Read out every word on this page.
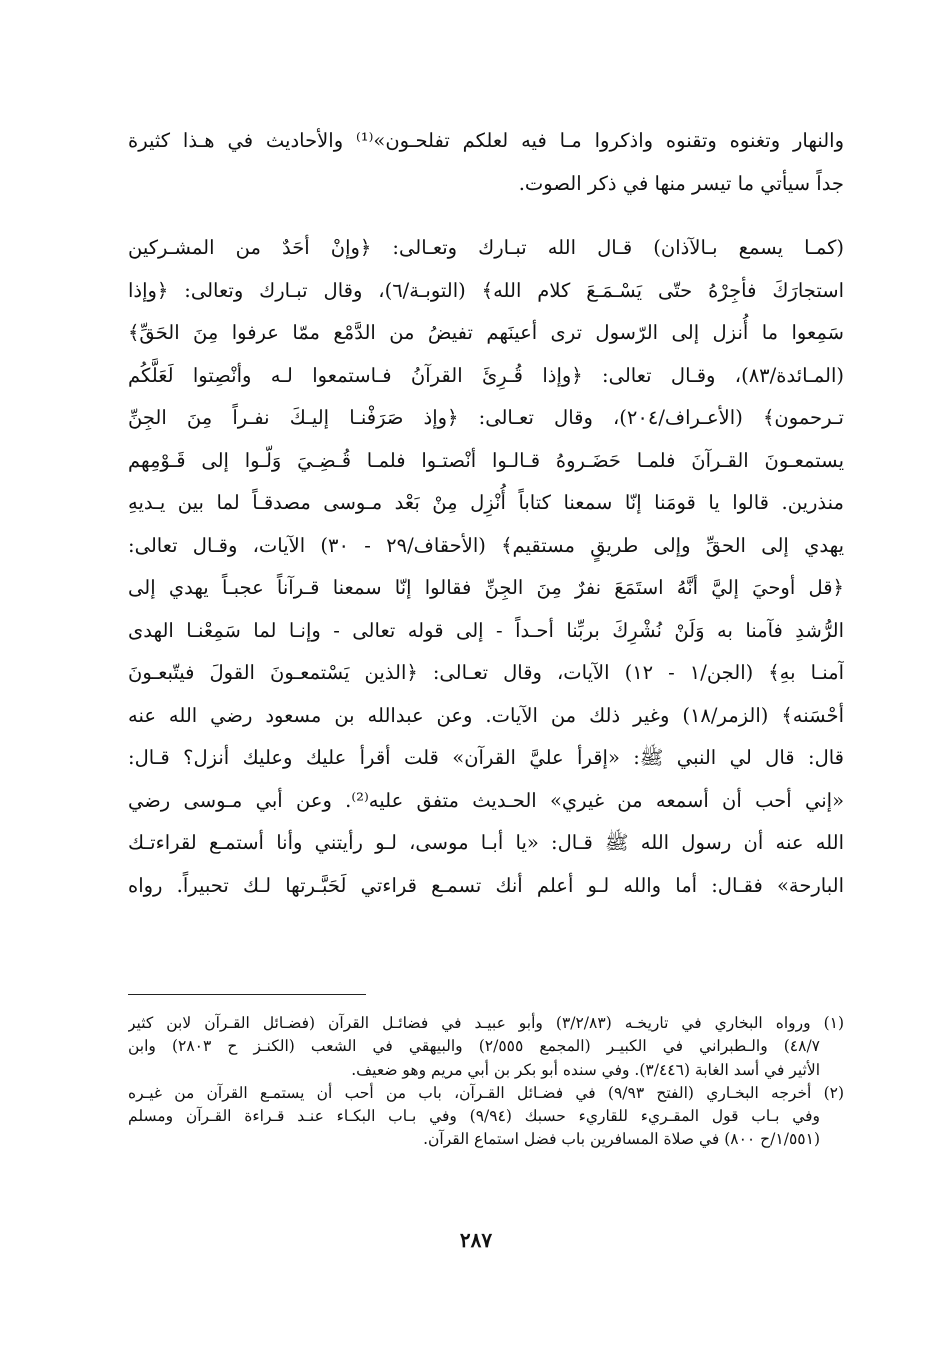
والنهار وتغنوه وتقنوه واذكروا مـا فيه لعلكم تفلحـون»⁽¹⁾ والأحاديث في هـذا كثيرة
جداً سيأتي ما تيسر منها في ذكر الصوت.
(كمـا يسمع بـالآذان) قـال الله تبـارك وتعـالى: ﴿وإنْ أحَدٌ من المشـركين
استجارَكَ فأجِرْهُ حتّى يَسْـمَـعَ كلام الله﴾ (التوبـة/٦)، وقال تبـارك وتعالى: ﴿وإذا
سَمِعوا ما أُنزل إلى الرّسول ترى أعينَهم تفيضُ من الدَّمْع ممّا عرفوا مِنَ الحَقِّ﴾
(المـائدة/٨٣)، وقـال تعالى: ﴿وإذا قُـرِئَ القرآنُ فـاستمعوا لـه وأنْصِتوا لَعَلَّكُم
تـرحمون﴾ (الأعـراف/٢٠٤)، وقال تعـالى: ﴿وإذ صَرَفْنـا إليـكَ نفـراً مِنَ الجِنِّ
يستمعـونَ القـرآنَ فلمـا حَضَـروهُ قـالـوا أنْصتـوا فلمـا قُـضِـيَ وَلّـوا إلى قَـوْمِهم
منذرين. قالوا يا قومَنا إنّا سمعنا كتاباً أُنْزِل مِنْ بَعْد مـوسى مصدقـاً لما بين يـديهِ
يهدي إلى الحقِّ وإلى طريقٍ مستقيم﴾ (الأحقاف/٢٩ - ٣٠) الآيات، وقـال تعالى:
﴿قل أوحيَ إليَّ أنَّهُ استَمَعَ نفرٌ مِنَ الجِنِّ فقالوا إنّا سمعنا قـرآناً عجبـاً يهدي إلى
الرُّشدِ فآمنا به وَلَنْ نُشْرِكَ بربِّنا أحـداً - إلى قوله تعالى - وإنـا لما سَمِعْنـا الهدى
آمنـا بهِ﴾ (الجن/١ - ١٢) الآيات، وقال تعـالى: ﴿الذين يَسْتمعـونَ القولَ فيتّبعـونَ
أحْسَنه﴾ (الزمر/١٨) وغير ذلك من الآيات. وعن عبدالله بن مسعود رضي الله عنه
قال: قال لي النبي ﷺ: «إقرأ عليَّ القرآن» قلت أقرأ عليك وعليك أنزل؟ قـال:
«إني أحب أن أسمعه من غيري» الحـديث متفق عليه⁽²⁾. وعن أبي مـوسى رضي
الله عنه أن رسول الله ﷺ قـال: «يا أبـا موسى، لـو رأيتني وأنا أستمـع لقراءتـك
البارحة» فقـال: أما والله لـو أعلم أنك تسمـع قراءتي لَحَبَّـرتها لـك تحبيراً. رواه
(١) ورواه البخاري في تاريخـه (٣/٢/٨٣) وأبو عبيـد في فضائـل القرآن (فضـائل القـرآن لابن كثير
٤٨/٧) والـطبراني في الكبيـر (المجمع ٢/٥٥٥) والبيهقي في الشعب (الكنـز ح ٢٨٠٣) وابن
الأثير في أسد الغابة (٣/٤٤٦). وفي سنده أبو بكر بن أبي مريم وهو ضعيف.
(٢) أخرجه البخـاري (الفتح ٩/٩٣) في فضـائل القـرآن، باب من أحب أن يستمـع القرآن من غيـره
وفي بـاب قول المقـريء للقاريء حسبك (٩/٩٤) وفي بـاب البكـاء عنـد قـراءة القـرآن ومسلم
(١/٥٥١/ح ٨٠٠) في صلاة المسافرين باب فضل استماع القرآن.
٢٨٧
